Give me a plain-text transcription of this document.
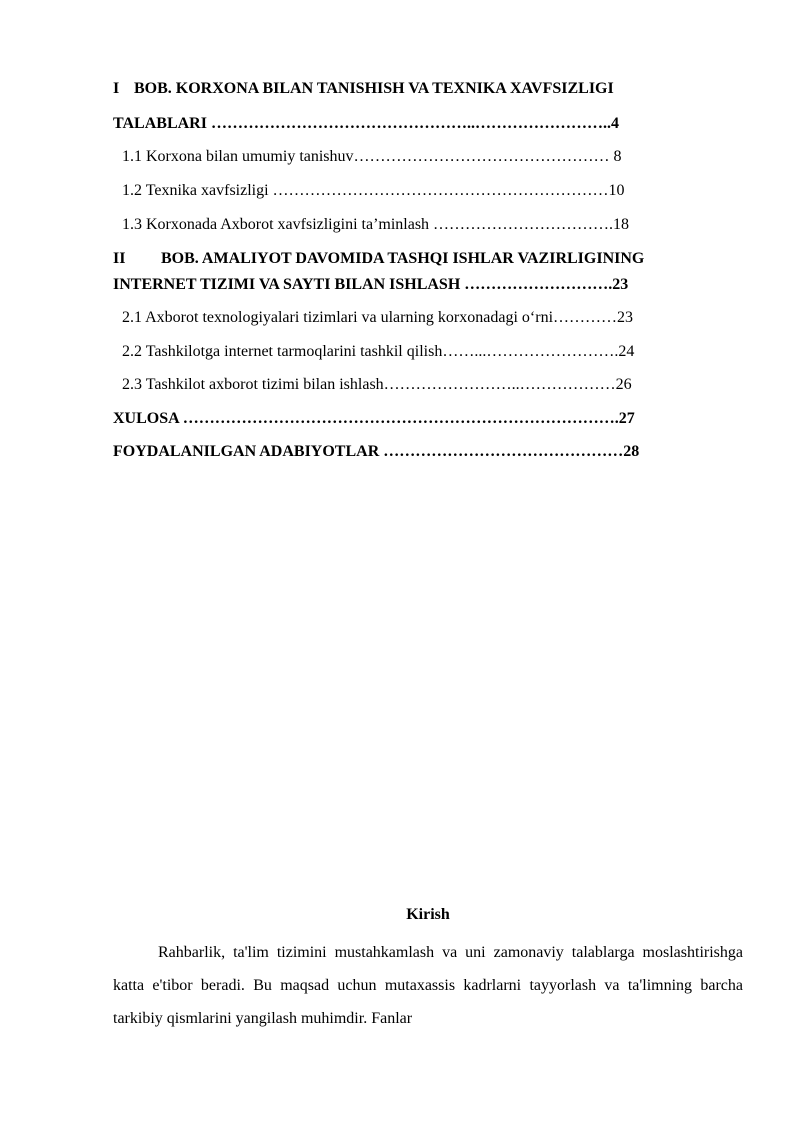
I BOB. KORXONA BILAN TANISHISH VA TEXNIKA XAVFSIZLIGI

TALABLARI …………………………………………..……………………..4

1.1 Korxona bilan umumiy tanishuv………………………………………… 8

1.2 Texnika xavfsizligi ………………………………………………………10

1.3 Korxonada Axborot xavfsizligini ta’minlash …………………………….18

II BOB. AMALIYOT DAVOMIDA TASHQI ISHLAR VAZIRLIGINING

INTERNET TIZIMI VA SAYTI BILAN ISHLASH ……………………….23

2.1 Axborot texnologiyalari tizimlari va ularning korxonadagi o‘rni…………23

2.2 Tashkilotga internet tarmoqlarini tashkil qilish……...…………………….24

2.3 Tashkilot axborot tizimi bilan ishlash……………………..………………26

XULOSA ……………………………………………………………………….27

FOYDALANILGAN ADABIYOTLAR ………………………………………28

Kirish

Rahbarlik, ta'lim tizimini mustahkamlash va uni zamonaviy talablarga moslashtirishga katta e'tibor beradi. Bu maqsad uchun mutaxassis kadrlarni tayyorlash va ta'limning barcha tarkibiy qismlarini yangilash muhimdir. Fanlar
